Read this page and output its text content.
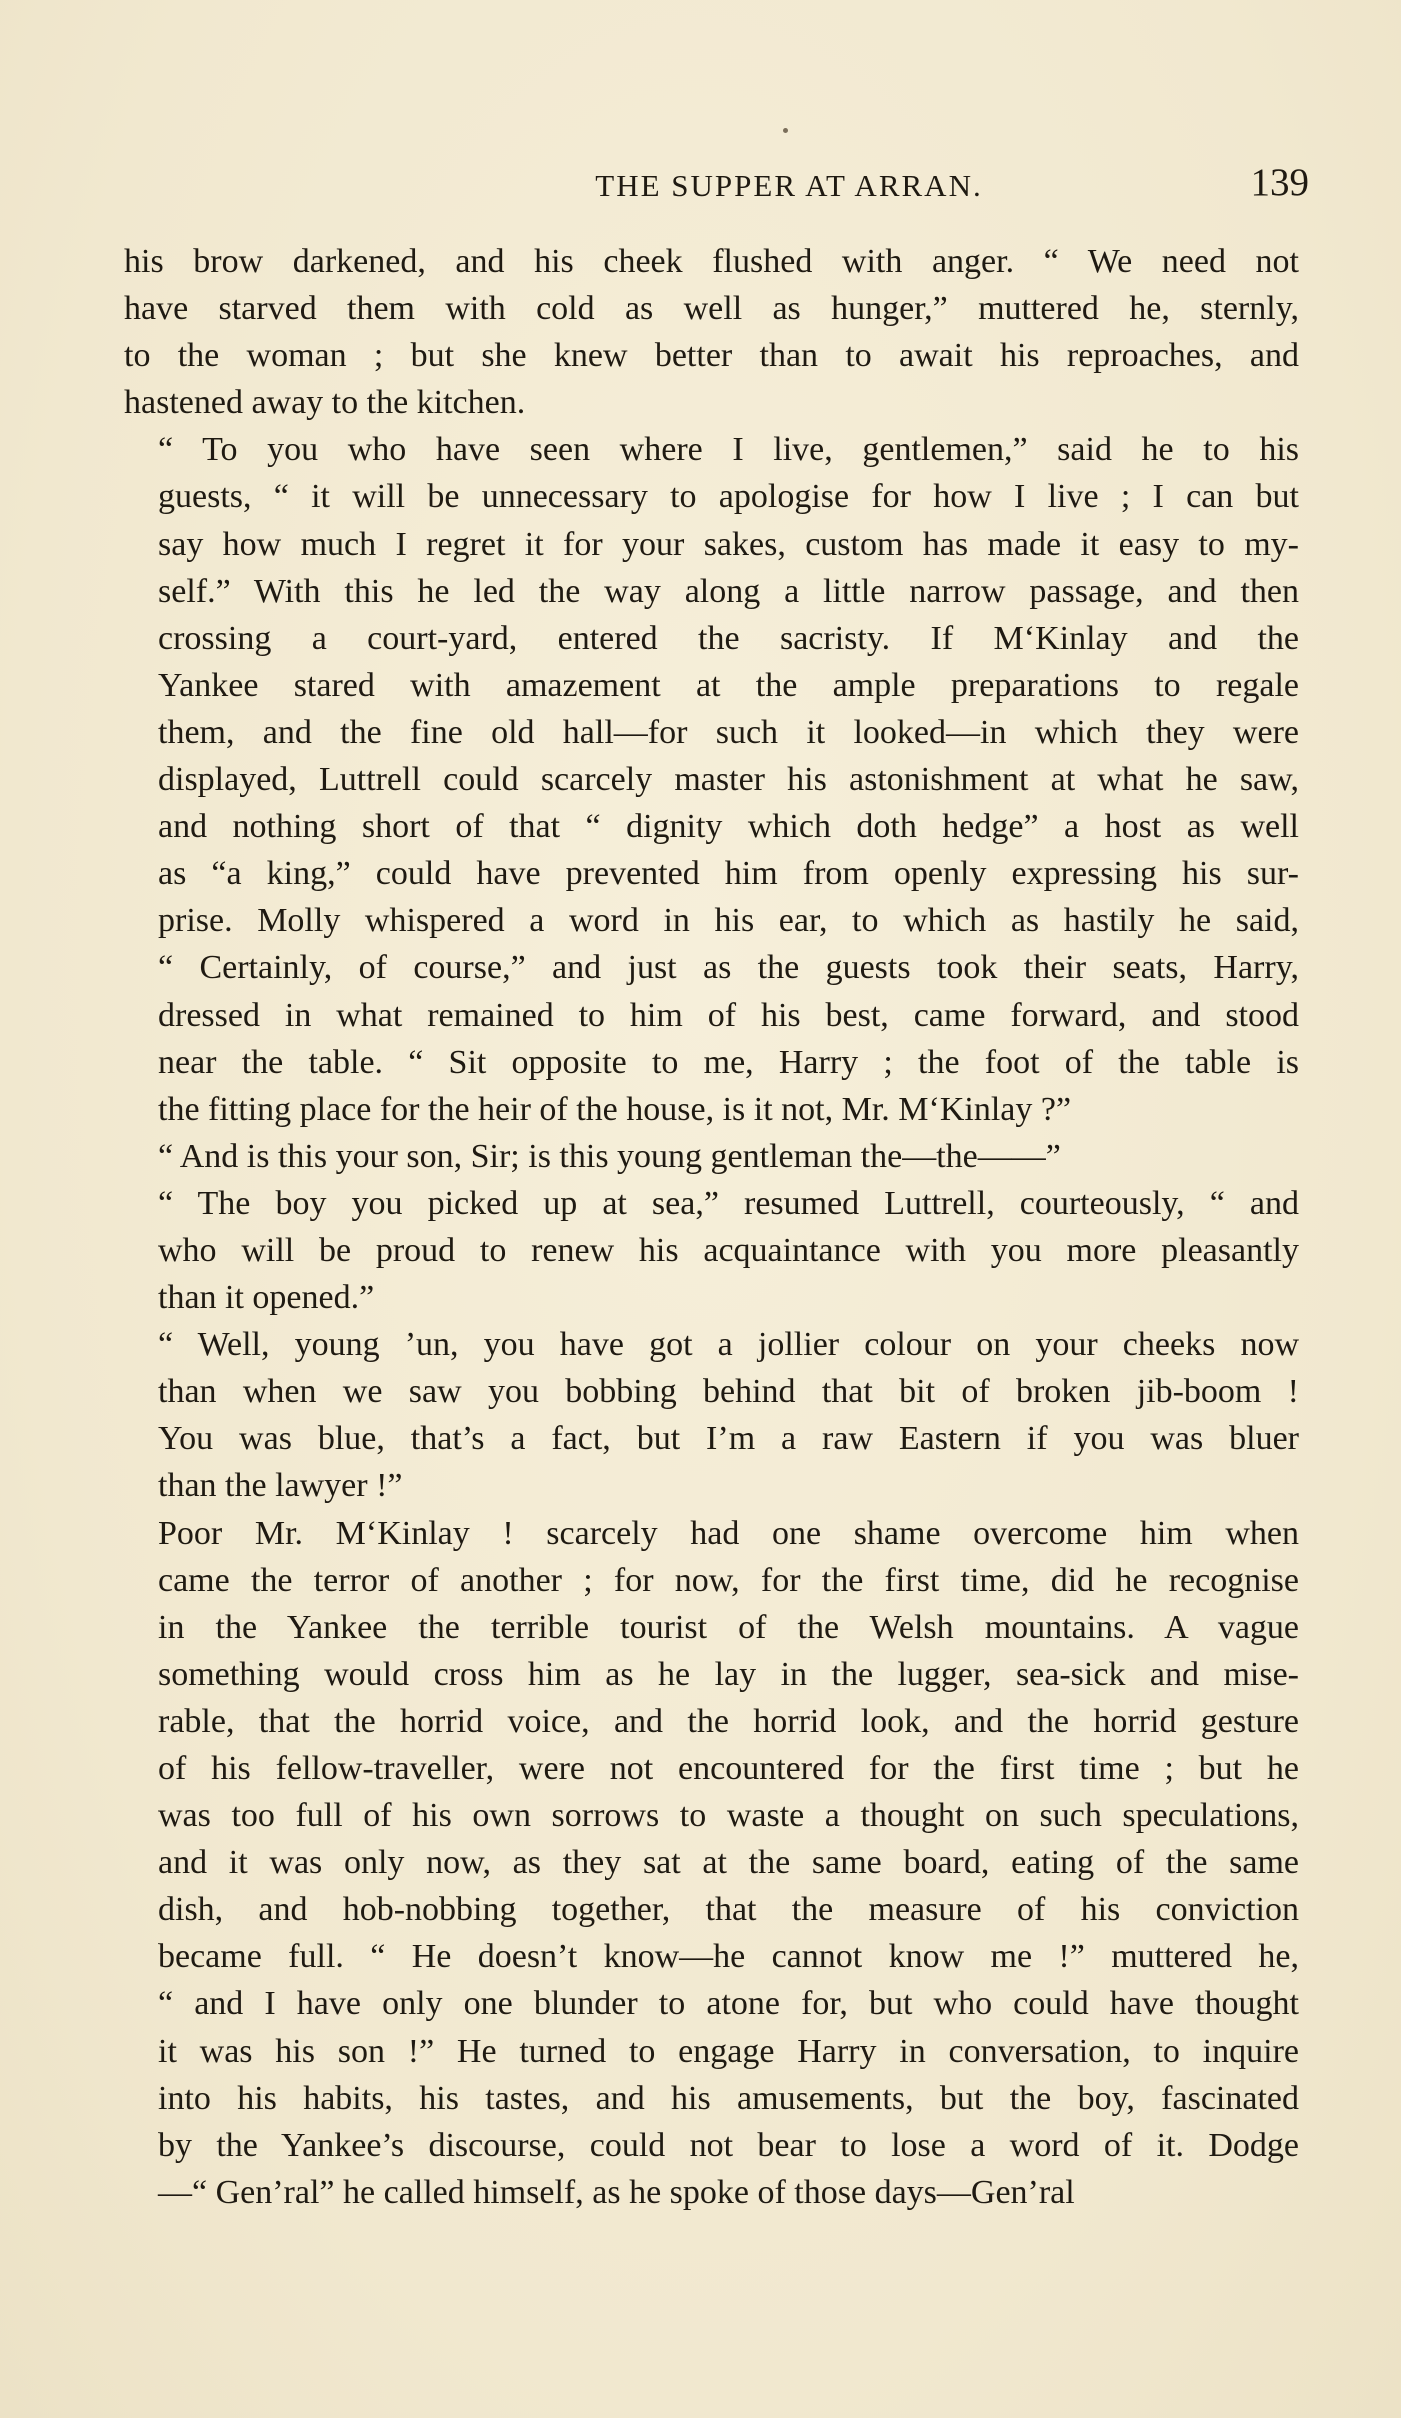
THE SUPPER AT ARRAN.	139

his brow darkened, and his cheek flushed with anger. “ We need not
have starved them with cold as well as hunger,” muttered he, sternly,
to the woman ; but she knew better than to await his reproaches, and
hastened away to the kitchen.

“ To you who have seen where I live, gentlemen,” said he to his
guests, “ it will be unnecessary to apologise for how I live ; I can but
say how much I regret it for your sakes, custom has made it easy to my-
self.” With this he led the way along a little narrow passage, and then
crossing a court-yard, entered the sacristy. If M‘Kinlay and the
Yankee stared with amazement at the ample preparations to regale
them, and the fine old hall—for such it looked—in which they were
displayed, Luttrell could scarcely master his astonishment at what he saw,
and nothing short of that “ dignity which doth hedge” a host as well
as “a king,” could have prevented him from openly expressing his sur-
prise. Molly whispered a word in his ear, to which as hastily he said,
“ Certainly, of course,” and just as the guests took their seats, Harry,
dressed in what remained to him of his best, came forward, and stood
near the table. “ Sit opposite to me, Harry ; the foot of the table is
the fitting place for the heir of the house, is it not, Mr. M‘Kinlay ?”

“ And is this your son, Sir; is this young gentleman the—the——”

“ The boy you picked up at sea,” resumed Luttrell, courteously, “ and
who will be proud to renew his acquaintance with you more pleasantly
than it opened.”

“ Well, young ’un, you have got a jollier colour on your cheeks now
than when we saw you bobbing behind that bit of broken jib-boom !
You was blue, that’s a fact, but I’m a raw Eastern if you was bluer
than the lawyer !”

Poor Mr. M‘Kinlay ! scarcely had one shame overcome him when
came the terror of another ; for now, for the first time, did he recognise
in the Yankee the terrible tourist of the Welsh mountains. A vague
something would cross him as he lay in the lugger, sea-sick and mise-
rable, that the horrid voice, and the horrid look, and the horrid gesture
of his fellow-traveller, were not encountered for the first time ; but he
was too full of his own sorrows to waste a thought on such speculations,
and it was only now, as they sat at the same board, eating of the same
dish, and hob-nobbing together, that the measure of his conviction
became full. “ He doesn’t know—he cannot know me !” muttered he,
“ and I have only one blunder to atone for, but who could have thought
it was his son !” He turned to engage Harry in conversation, to inquire
into his habits, his tastes, and his amusements, but the boy, fascinated
by the Yankee’s discourse, could not bear to lose a word of it. Dodge
—“ Gen’ral” he called himself, as he spoke of those days—Gen’ral
